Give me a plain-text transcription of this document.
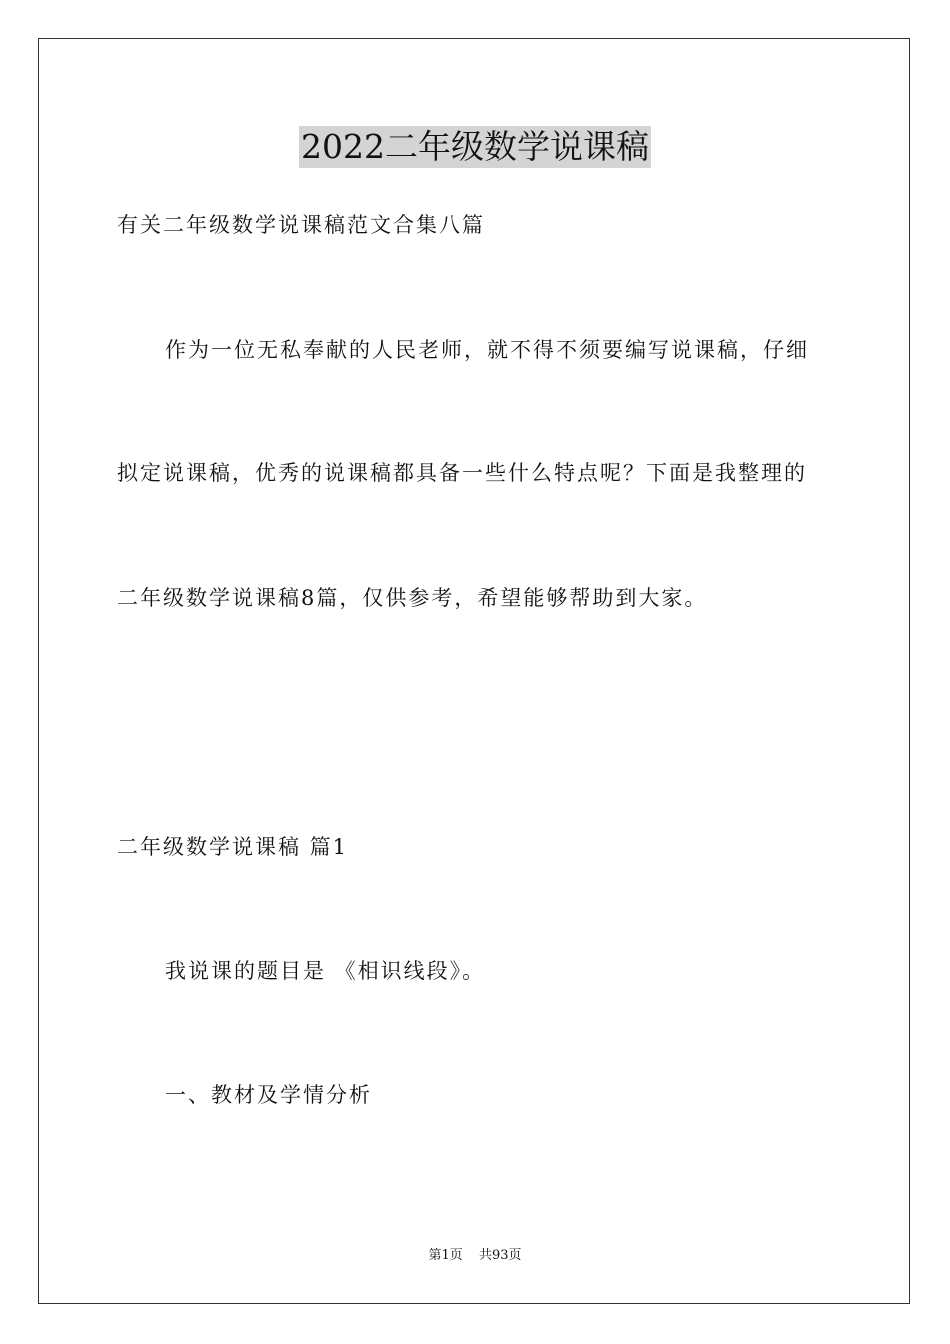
2022二年级数学说课稿
有关二年级数学说课稿范文合集八篇
作为一位无私奉献的人民老师，就不得不须要编写说课稿，仔细
拟定说课稿，优秀的说课稿都具备一些什么特点呢？下面是我整理的
二年级数学说课稿8篇，仅供参考，希望能够帮助到大家。
二年级数学说课稿 篇1
我说课的题目是 《相识线段》。
一、教材及学情分析
第1页 共93页
